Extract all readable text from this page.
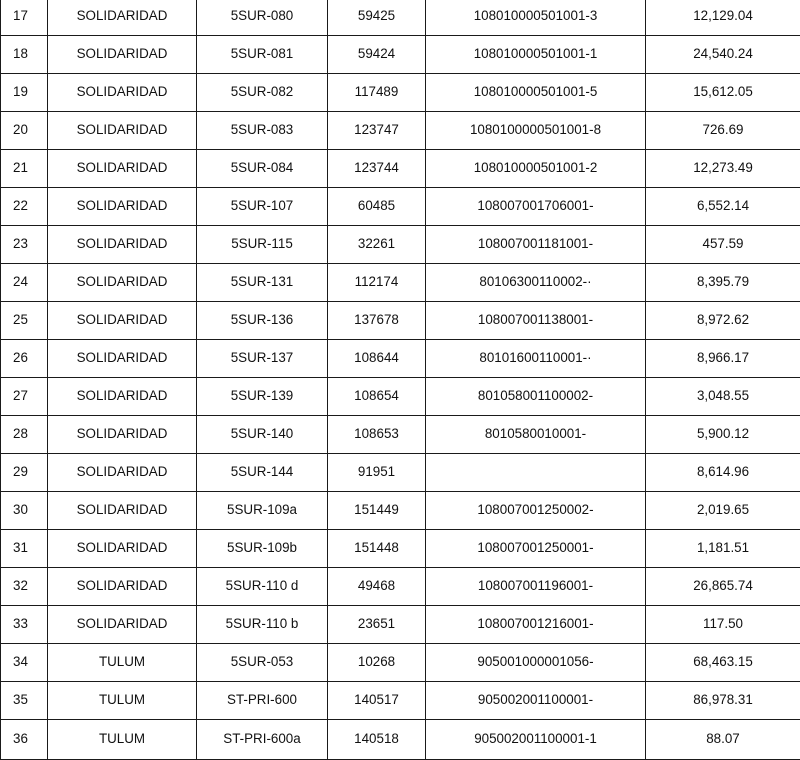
17	SOLIDARIDAD	5SUR-080	59425	108010000501001-3	12,129.04
18	SOLIDARIDAD	5SUR-081	59424	108010000501001-1	24,540.24
19	SOLIDARIDAD	5SUR-082	117489	108010000501001-5	15,612.05
20	SOLIDARIDAD	5SUR-083	123747	1080100000501001-8	726.69
21	SOLIDARIDAD	5SUR-084	123744	108010000501001-2	12,273.49
22	SOLIDARIDAD	5SUR-107	60485	108007001706001-	6,552.14
23	SOLIDARIDAD	5SUR-115	32261	108007001181001-	457.59
24	SOLIDARIDAD	5SUR-131	112174	80106300110002-·	8,395.79
25	SOLIDARIDAD	5SUR-136	137678	108007001138001-	8,972.62
26	SOLIDARIDAD	5SUR-137	108644	80101600110001-·	8,966.17
27	SOLIDARIDAD	5SUR-139	108654	801058001100002-	3,048.55
28	SOLIDARIDAD	5SUR-140	108653	8010580010001-	5,900.12
29	SOLIDARIDAD	5SUR-144	91951		8,614.96
30	SOLIDARIDAD	5SUR-109a	151449	108007001250002-	2,019.65
31	SOLIDARIDAD	5SUR-109b	151448	108007001250001-	1,181.51
32	SOLIDARIDAD	5SUR-110 d	49468	108007001196001-	26,865.74
33	SOLIDARIDAD	5SUR-110 b	23651	108007001216001-	117.50
34	TULUM	5SUR-053	10268	905001000001056-	68,463.15
35	TULUM	ST-PRI-600	140517	905002001100001-	86,978.31
36	TULUM	ST-PRI-600a	140518	905002001100001-1	88.07
